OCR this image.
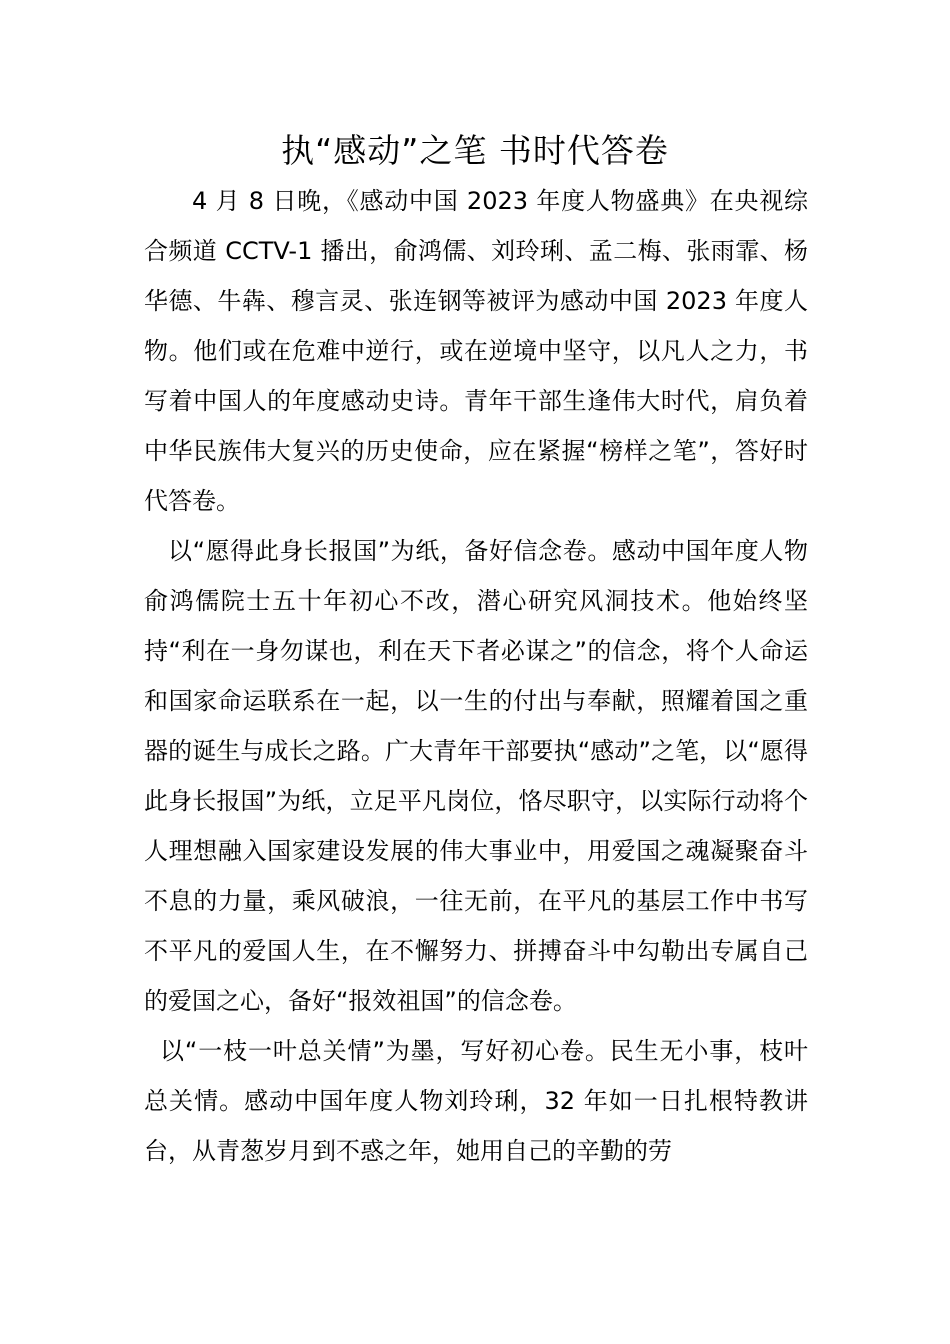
执“感动”之笔 书时代答卷

4 月 8 日晚，《感动中国 2023 年度人物盛典》在央视综合频道 CCTV-1 播出，俞鸿儒、刘玲琍、孟二梅、张雨霏、杨华德、牛犇、穆言灵、张连钢等被评为感动中国 2023 年度人物。他们或在危难中逆行，或在逆境中坚守，以凡人之力，书写着中国人的年度感动史诗。青年干部生逢伟大时代，肩负着中华民族伟大复兴的历史使命，应在紧握“榜样之笔”，答好时代答卷。

以“愿得此身长报国”为纸，备好信念卷。感动中国年度人物俞鸿儒院士五十年初心不改，潜心研究风洞技术。他始终坚持“利在一身勿谋也，利在天下者必谋之”的信念，将个人命运和国家命运联系在一起，以一生的付出与奉献，照耀着国之重器的诞生与成长之路。广大青年干部要执“感动”之笔，以“愿得此身长报国”为纸，立足平凡岗位，恪尽职守，以实际行动将个人理想融入国家建设发展的伟大事业中，用爱国之魂凝聚奋斗不息的力量，乘风破浪，一往无前，在平凡的基层工作中书写不平凡的爱国人生，在不懈努力、拼搏奋斗中勾勒出专属自己的爱国之心，备好“报效祖国”的信念卷。

以“一枝一叶总关情”为墨，写好初心卷。民生无小事，枝叶总关情。感动中国年度人物刘玲琍，32 年如一日扎根特教讲台，从青葱岁月到不惑之年，她用自己的辛勤的劳
